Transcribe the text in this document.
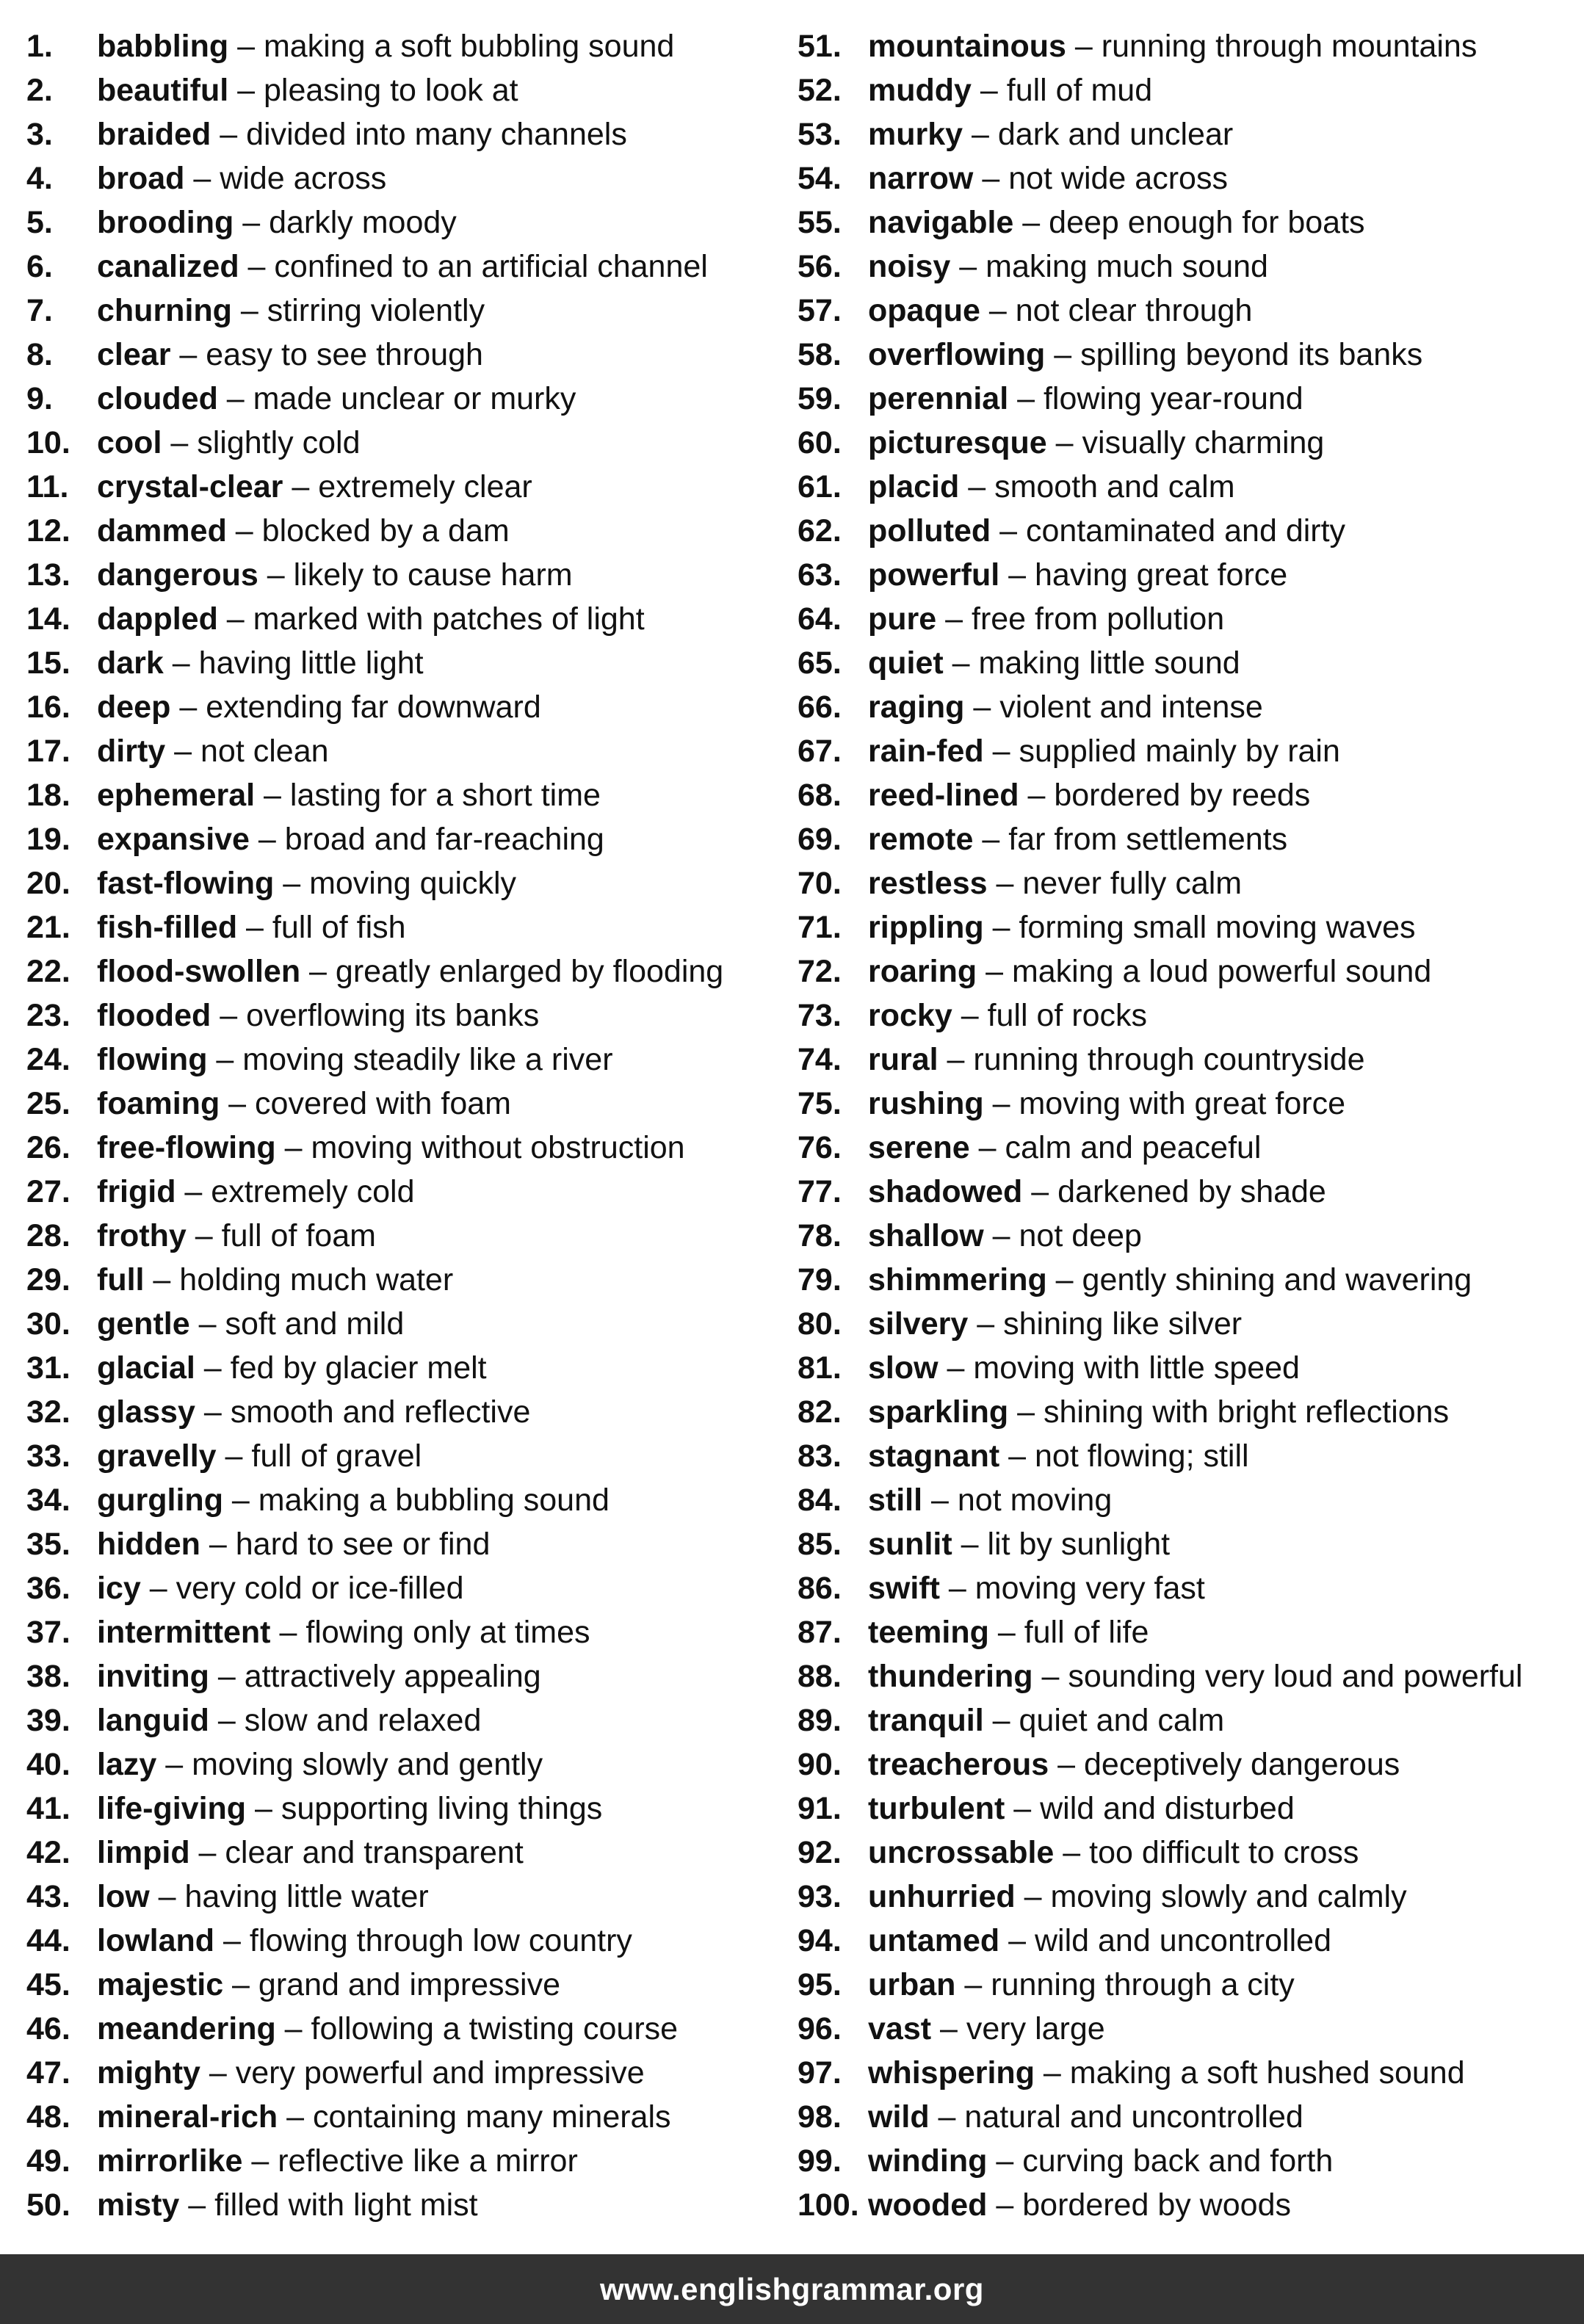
1.	babbling – making a soft bubbling sound
2.	beautiful – pleasing to look at
3.	braided – divided into many channels
4.	broad – wide across
5.	brooding – darkly moody
6.	canalized – confined to an artificial channel
7.	churning – stirring violently
8.	clear – easy to see through
9.	clouded – made unclear or murky
10. cool – slightly cold
11. crystal-clear – extremely clear
12. dammed – blocked by a dam
13. dangerous – likely to cause harm
14. dappled – marked with patches of light
15. dark – having little light
16. deep – extending far downward
17. dirty – not clean
18. ephemeral – lasting for a short time
19. expansive – broad and far-reaching
20. fast-flowing – moving quickly
21. fish-filled – full of fish
22. flood-swollen – greatly enlarged by flooding
23. flooded – overflowing its banks
24. flowing – moving steadily like a river
25. foaming – covered with foam
26. free-flowing – moving without obstruction
27. frigid – extremely cold
28. frothy – full of foam
29. full – holding much water
30. gentle – soft and mild
31. glacial – fed by glacier melt
32. glassy – smooth and reflective
33. gravelly – full of gravel
34. gurgling – making a bubbling sound
35. hidden – hard to see or find
36. icy – very cold or ice-filled
37. intermittent – flowing only at times
38. inviting – attractively appealing
39. languid – slow and relaxed
40. lazy – moving slowly and gently
41. life-giving – supporting living things
42. limpid – clear and transparent
43. low – having little water
44. lowland – flowing through low country
45. majestic – grand and impressive
46. meandering – following a twisting course
47. mighty – very powerful and impressive
48. mineral-rich – containing many minerals
49. mirrorlike – reflective like a mirror
50. misty – filled with light mist
51. mountainous – running through mountains
52. muddy – full of mud
53. murky – dark and unclear
54. narrow – not wide across
55. navigable – deep enough for boats
56. noisy – making much sound
57. opaque – not clear through
58. overflowing – spilling beyond its banks
59. perennial – flowing year-round
60. picturesque – visually charming
61. placid – smooth and calm
62. polluted – contaminated and dirty
63. powerful – having great force
64. pure – free from pollution
65. quiet – making little sound
66. raging – violent and intense
67. rain-fed – supplied mainly by rain
68. reed-lined – bordered by reeds
69. remote – far from settlements
70. restless – never fully calm
71. rippling – forming small moving waves
72. roaring – making a loud powerful sound
73. rocky – full of rocks
74. rural – running through countryside
75. rushing – moving with great force
76. serene – calm and peaceful
77. shadowed – darkened by shade
78. shallow – not deep
79. shimmering – gently shining and wavering
80. silvery – shining like silver
81. slow – moving with little speed
82. sparkling – shining with bright reflections
83. stagnant – not flowing; still
84. still – not moving
85. sunlit – lit by sunlight
86. swift – moving very fast
87. teeming – full of life
88. thundering – sounding very loud and powerful
89. tranquil – quiet and calm
90. treacherous – deceptively dangerous
91. turbulent – wild and disturbed
92. uncrossable – too difficult to cross
93. unhurried – moving slowly and calmly
94. untamed – wild and uncontrolled
95. urban – running through a city
96. vast – very large
97. whispering – making a soft hushed sound
98. wild – natural and uncontrolled
99. winding – curving back and forth
100. wooded – bordered by woods
www.englishgrammar.org
